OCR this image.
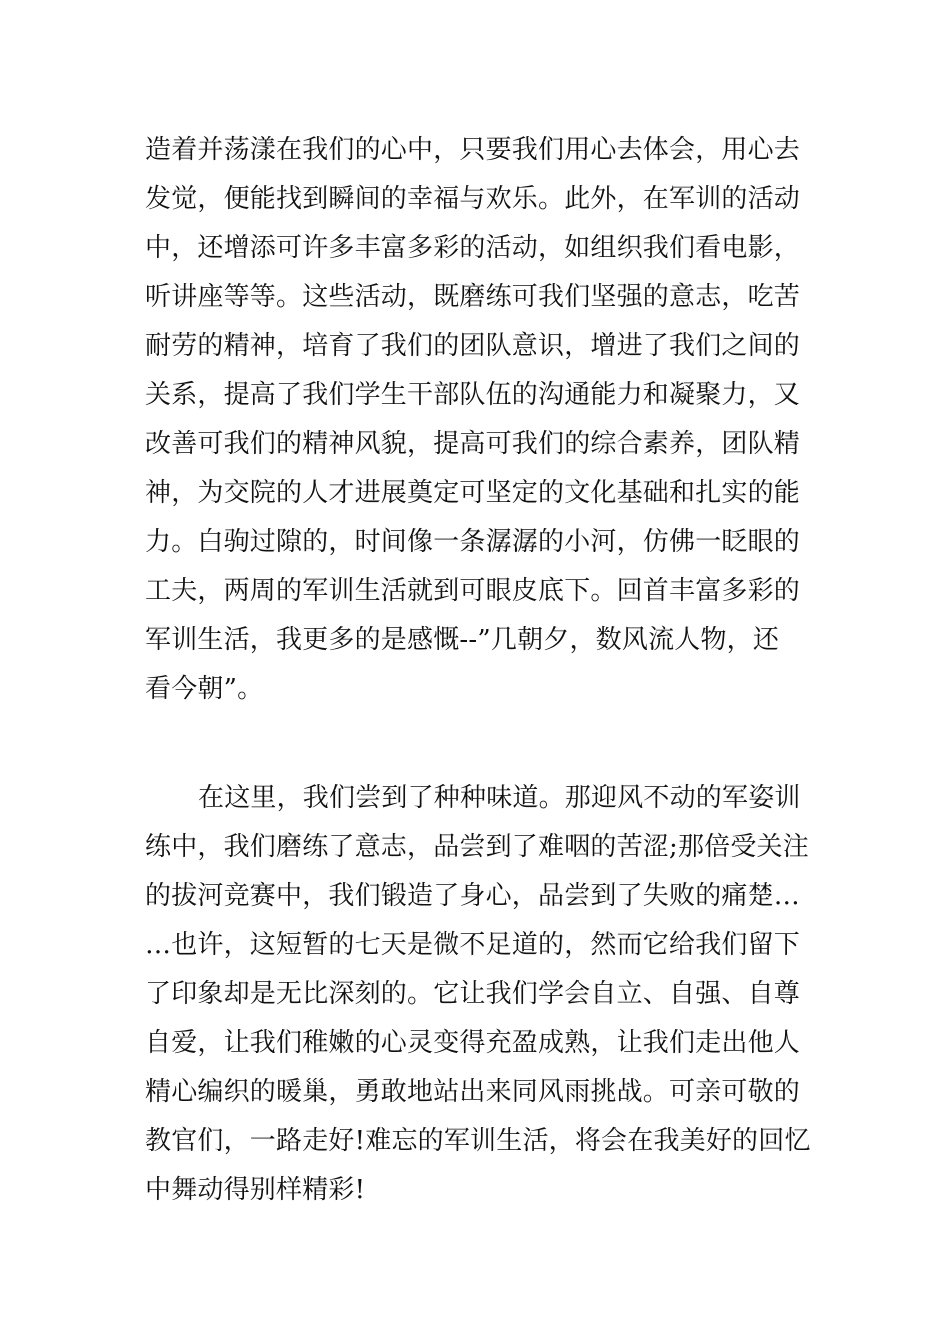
造着并荡漾在我们的心中，只要我们用心去体会，用心去
发觉，便能找到瞬间的幸福与欢乐。此外，在军训的活动
中，还增添可许多丰富多彩的活动，如组织我们看电影，
听讲座等等。这些活动，既磨练可我们坚强的意志，吃苦
耐劳的精神，培育了我们的团队意识，增进了我们之间的
关系，提高了我们学生干部队伍的沟通能力和凝聚力，又
改善可我们的精神风貌，提高可我们的综合素养，团队精
神，为交院的人才进展奠定可坚定的文化基础和扎实的能
力。白驹过隙的，时间像一条潺潺的小河，仿佛一眨眼的
工夫，两周的军训生活就到可眼皮底下。回首丰富多彩的
军训生活，我更多的是感慨--”几朝夕，数风流人物，还
看今朝”。
在这里，我们尝到了种种味道。那迎风不动的军姿训
练中，我们磨练了意志，品尝到了难咽的苦涩;那倍受关注
的拔河竞赛中，我们锻造了身心，品尝到了失败的痛楚…
…也许，这短暂的七天是微不足道的，然而它给我们留下
了印象却是无比深刻的。它让我们学会自立、自强、自尊
自爱，让我们稚嫩的心灵变得充盈成熟，让我们走出他人
精心编织的暖巢，勇敢地站出来同风雨挑战。可亲可敬的
教官们，一路走好!难忘的军训生活，将会在我美好的回忆
中舞动得别样精彩!
